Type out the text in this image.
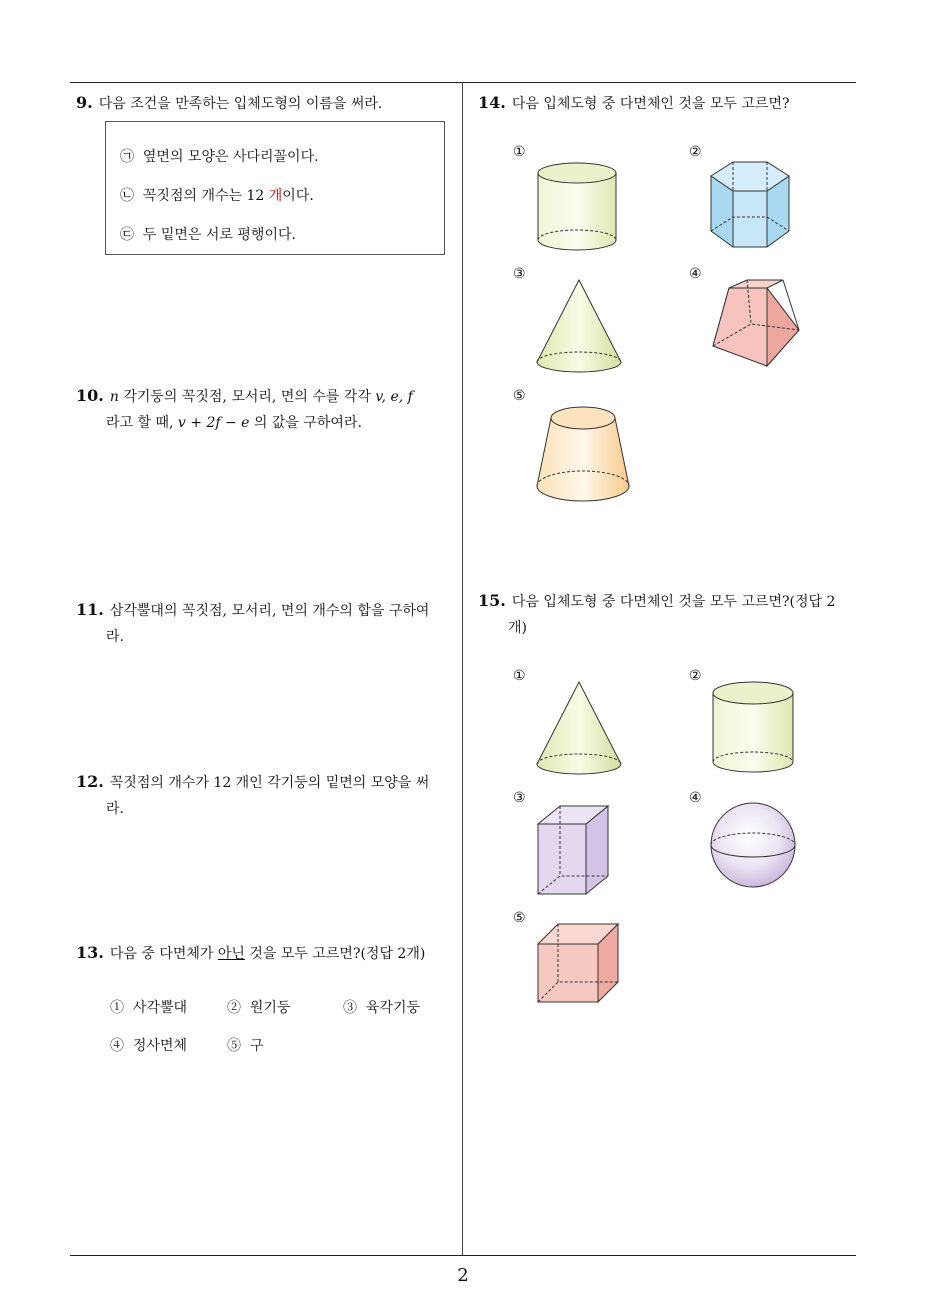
9. 다음 조건을 만족하는 입체도형의 이름을 써라.
㉠ 옆면의 모양은 사다리꼴이다.
㉡ 꼭짓점의 개수는 12 개이다.
㉢ 두 밑면은 서로 평행이다.
10. n 각기둥의 꼭짓점, 모서리, 면의 수를 각각 v, e, f
라고 할 때, v + 2f − e 의 값을 구하여라.
11. 삼각뿔대의 꼭짓점, 모서리, 면의 개수의 합을 구하여
라.
12. 꼭짓점의 개수가 12 개인 각기둥의 밑면의 모양을 써
라.
13. 다음 중 다면체가 아닌 것을 모두 고르면?(정답 2개)
① 사각뿔대	② 원기둥	③ 육각기둥
④ 정사면체	⑤ 구
14. 다음 입체도형 중 다면체인 것을 모두 고르면?
①	②
③	④
⑤
15. 다음 입체도형 중 다면체인 것을 모두 고르면?(정답 2
개)
①	②
③	④
⑤
2
